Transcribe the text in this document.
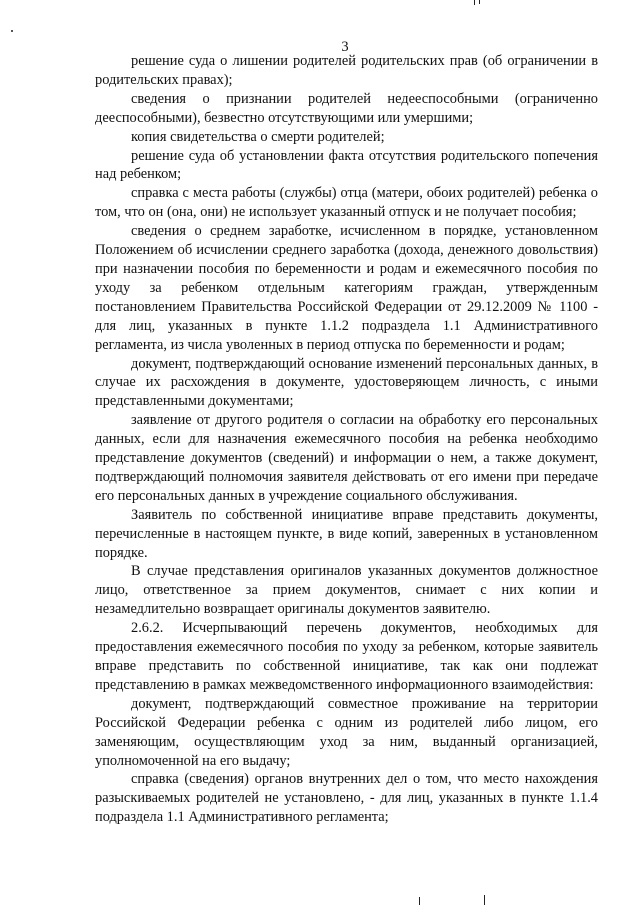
3

решение суда о лишении родителей родительских прав (об ограничении в родительских правах);

сведения о признании родителей недееспособными (ограниченно дееспособными), безвестно отсутствующими или умершими;

копия свидетельства о смерти родителей;

решение суда об установлении факта отсутствия родительского попечения над ребенком;

справка с места работы (службы) отца (матери, обоих родителей) ребенка о том, что он (она, они) не использует указанный отпуск и не получает пособия;

сведения о среднем заработке, исчисленном в порядке, установленном Положением об исчислении среднего заработка (дохода, денежного довольствия) при назначении пособия по беременности и родам и ежемесячного пособия по уходу за ребенком отдельным категориям граждан, утвержденным постановлением Правительства Российской Федерации от 29.12.2009 № 1100 - для лиц, указанных в пункте 1.1.2 подраздела 1.1 Административного регламента, из числа уволенных в период отпуска по беременности и родам;

документ, подтверждающий основание изменений персональных данных, в случае их расхождения в документе, удостоверяющем личность, с иными представленными документами;

заявление от другого родителя о согласии на обработку его персональных данных, если для назначения ежемесячного пособия на ребенка необходимо представление документов (сведений) и информации о нем, а также документ, подтверждающий полномочия заявителя действовать от его имени при передаче его персональных данных в учреждение социального обслуживания.

Заявитель по собственной инициативе вправе представить документы, перечисленные в настоящем пункте, в виде копий, заверенных в установленном порядке.

В случае представления оригиналов указанных документов должностное лицо, ответственное за прием документов, снимает с них копии и незамедлительно возвращает оригиналы документов заявителю.

2.6.2. Исчерпывающий перечень документов, необходимых для предоставления ежемесячного пособия по уходу за ребенком, которые заявитель вправе представить по собственной инициативе, так как они подлежат представлению в рамках межведомственного информационного взаимодействия:

документ, подтверждающий совместное проживание на территории Российской Федерации ребенка с одним из родителей либо лицом, его заменяющим, осуществляющим уход за ним, выданный организацией, уполномоченной на его выдачу;

справка (сведения) органов внутренних дел о том, что место нахождения разыскиваемых родителей не установлено, - для лиц, указанных в пункте 1.1.4 подраздела 1.1 Административного регламента;
